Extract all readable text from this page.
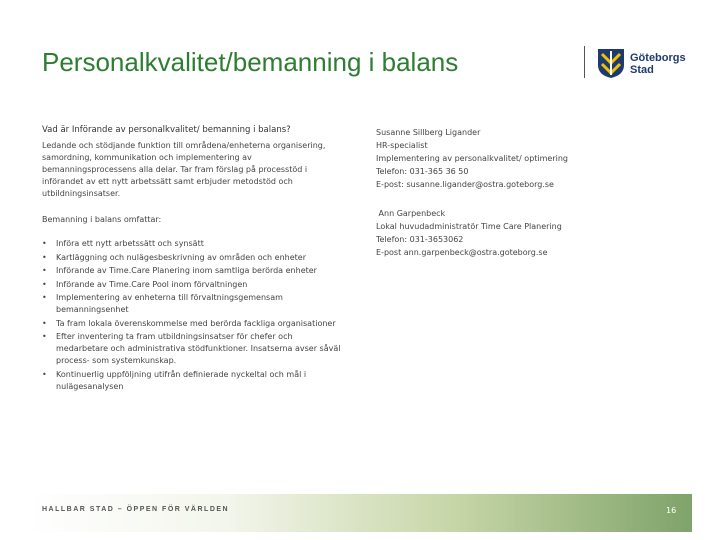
Personalkvalitet/bemanning i balans	Göteborgs
Stad

Vad är Införande av personalkvalitet/ bemanning i balans?

Ledande och stödjande funktion till områdena/enheterna organisering, samordning, kommunikation och implementering av bemanningsprocessens alla delar. Tar fram förslag på processtöd i införandet av ett nytt arbetssätt samt erbjuder metodstöd och utbildningsinsatser.

Bemanning i balans omfattar:

• Införa ett nytt arbetssätt och synsätt
• Kartläggning och nulägesbeskrivning av områden och enheter
• Införande av Time.Care Planering inom samtliga berörda enheter
• Införande av Time.Care Pool inom förvaltningen
• Implementering av enheterna till förvaltningsgemensam bemanningsenhet
• Ta fram lokala överenskommelse med berörda fackliga organisationer
• Efter inventering ta fram utbildningsinsatser för chefer och medarbetare och administrativa stödfunktioner. Insatserna avser såväl process- som systemkunskap.
• Kontinuerlig uppföljning utifrån definierade nyckeltal och mål i nulägesanalysen
Susanne Sillberg Ligander
HR-specialist
Implementering av personalkvalitet/ optimering
Telefon: 031-365 36 50
E-post: susanne.ligander@ostra.goteborg.se
Ann Garpenbeck
Lokal huvudadministratör Time Care Planering
Telefon: 031-3653062
E-post ann.garpenbeck@ostra.goteborg.se
HALLBAR STAD – ÖPPEN FÖR VÄRLDEN	16
